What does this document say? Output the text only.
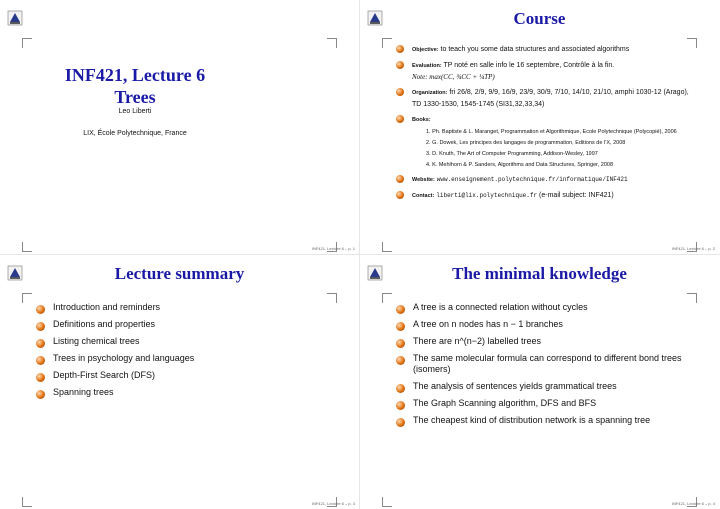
INF421, Lecture 6
Trees
Leo Liberti
LIX, École Polytechnique, France
INF421, Lecture 6 – p. 1
Course
Objective: to teach you some data structures and associated algorithms
Evaluation: TP noté en salle info le 16 septembre, Contrôle à la fin.
Note: max(CC, ¾CC + ¼TP)
Organization: fri 26/8, 2/9, 9/9, 16/9, 23/9, 30/9, 7/10, 14/10, 21/10, amphi 1030-12 (Arago), TD 1330-1530, 1545-1745 (SI31,32,33,34)
Books:
1. Ph. Baptiste & L. Maranget, Programmation et Algorithmique, Ecole Polytechnique (Polycopié), 2006
2. G. Dowek, Les principes des langages de programmation, Editions de l’X, 2008
3. D. Knuth, The Art of Computer Programming, Addison-Wesley, 1997
4. K. Mehlhorn & P. Sanders, Algorithms and Data Structures, Springer, 2008
Website: www.enseignement.polytechnique.fr/informatique/INF421
Contact: liberti@lix.polytechnique.fr (e-mail subject: INF421)
INF421, Lecture 6 – p. 2
Lecture summary
Introduction and reminders
Definitions and properties
Listing chemical trees
Trees in psychology and languages
Depth-First Search (DFS)
Spanning trees
INF421, Lecture 6 – p. 3
The minimal knowledge
A tree is a connected relation without cycles
A tree on n nodes has n − 1 branches
There are n^(n−2) labelled trees
The same molecular formula can correspond to different bond trees (isomers)
The analysis of sentences yields grammatical trees
The Graph Scanning algorithm, DFS and BFS
The cheapest kind of distribution network is a spanning tree
INF421, Lecture 6 – p. 4
